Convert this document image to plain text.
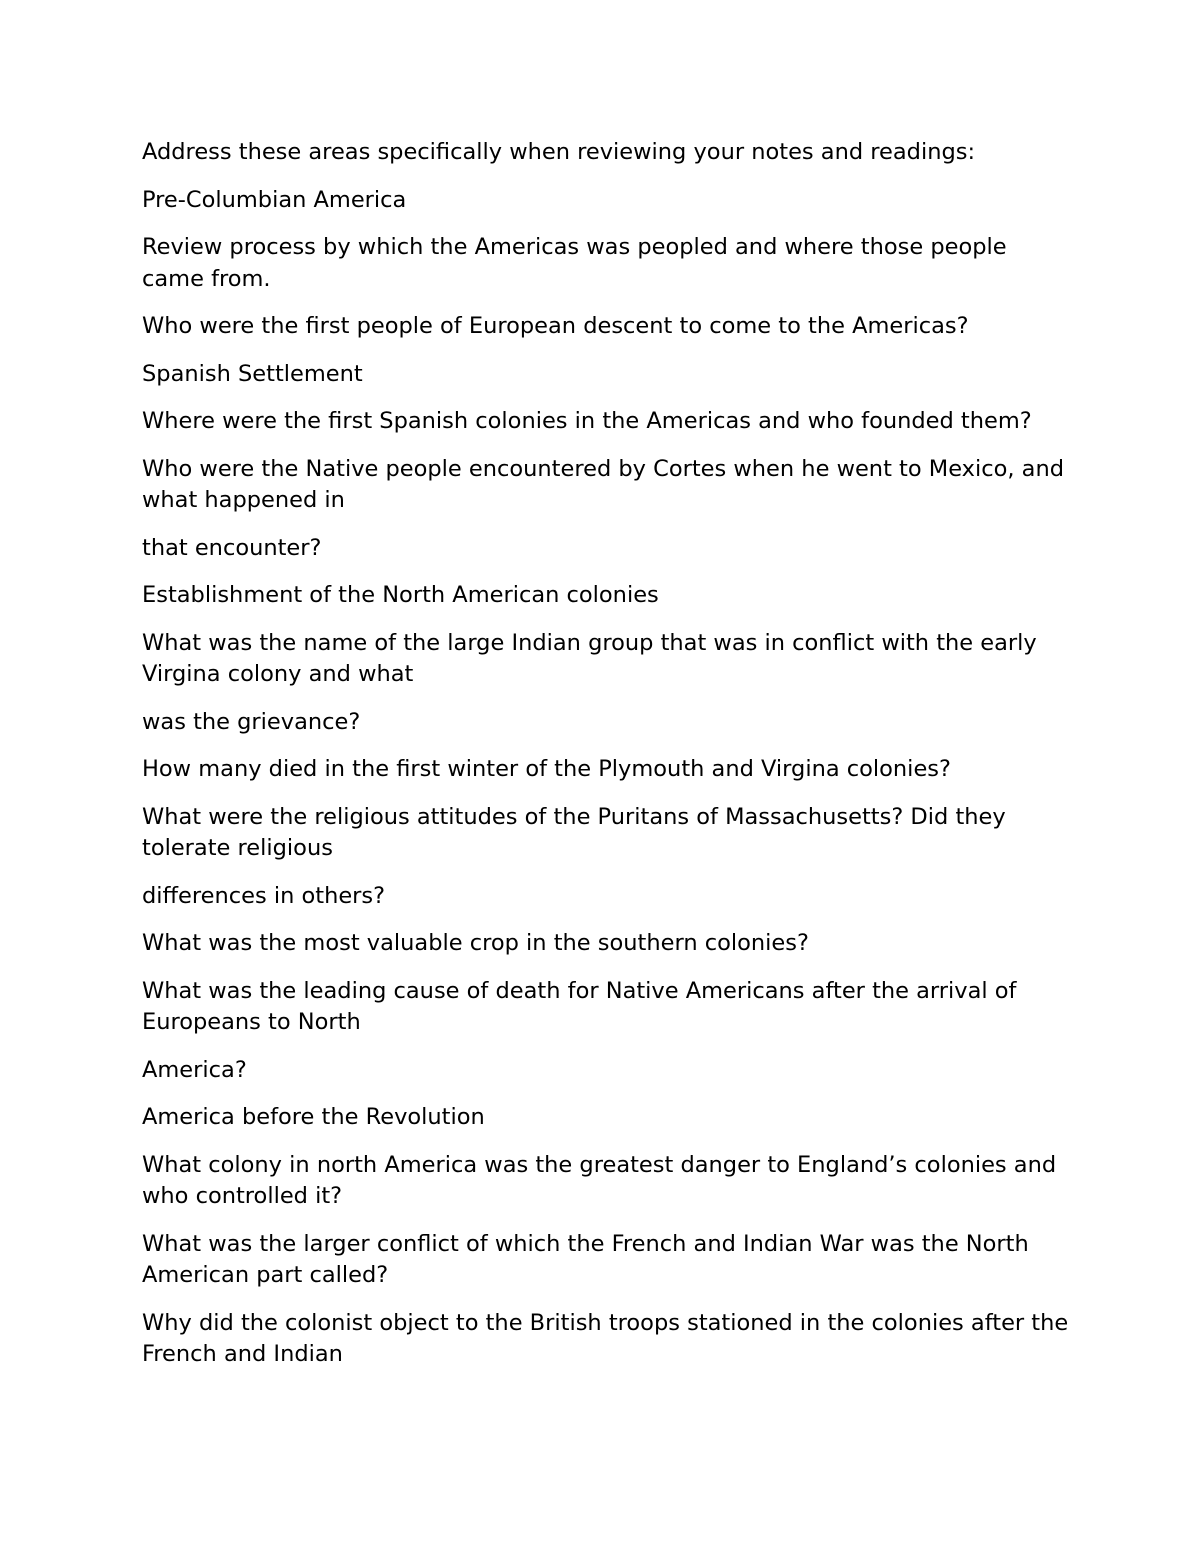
Address these areas specifically when reviewing your notes and readings:

Pre-Columbian America

Review process by which the Americas was peopled and where those people came from.

Who were the first people of European descent to come to the Americas?

Spanish Settlement

Where were the first Spanish colonies in the Americas and who founded them?

Who were the Native people encountered by Cortes when he went to Mexico, and what happened in

that encounter?

Establishment of the North American colonies

What was the name of the large Indian group that was in conflict with the early Virgina colony and what

was the grievance?

How many died in the first winter of the Plymouth and Virgina colonies?

What were the religious attitudes of the Puritans of Massachusetts? Did they tolerate religious

differences in others?

What was the most valuable crop in the southern colonies?

What was the leading cause of death for Native Americans after the arrival of Europeans to North

America?

America before the Revolution

What colony in north America was the greatest danger to England’s colonies and who controlled it?

What was the larger conflict of which the French and Indian War was the North American part called?

Why did the colonist object to the British troops stationed in the colonies after the French and Indian
